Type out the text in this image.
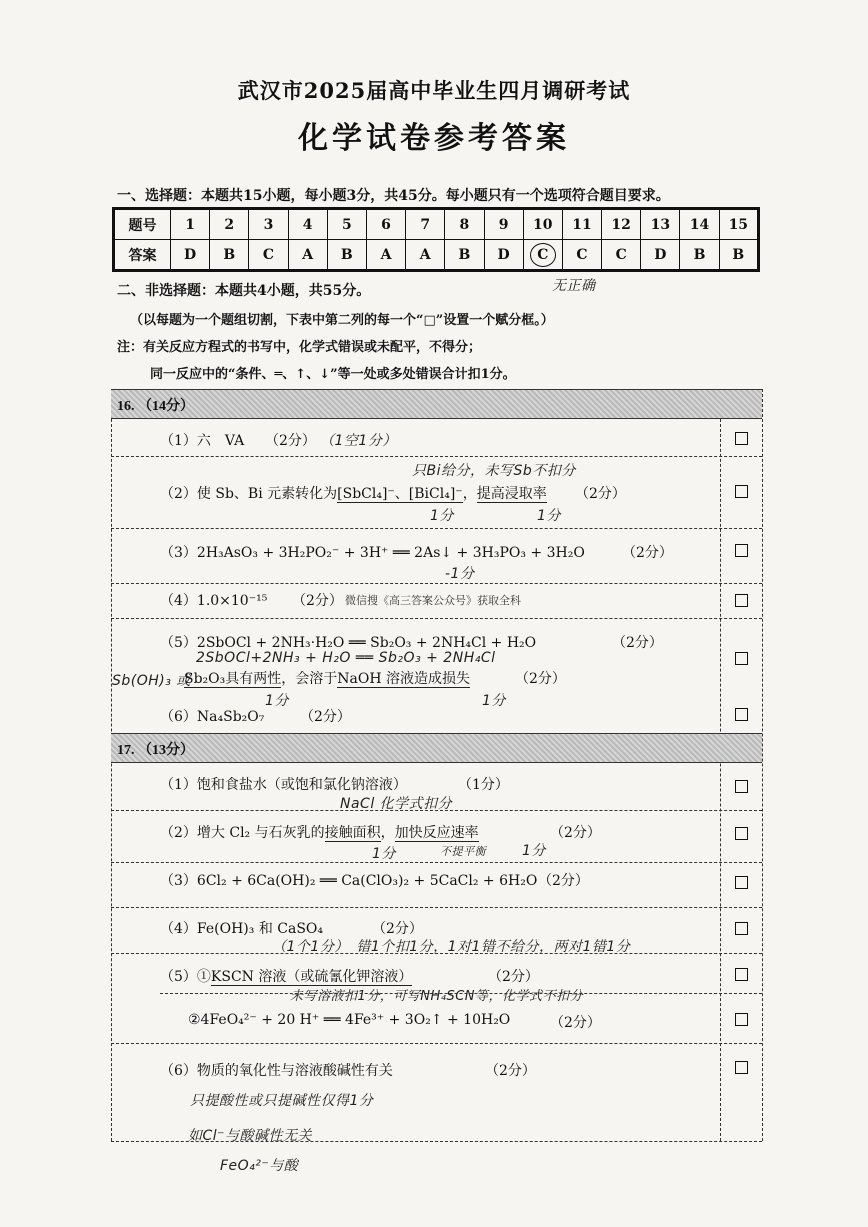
武汉市2025届高中毕业生四月调研考试
化学试卷参考答案
一、选择题：本题共15小题，每小题3分，共45分。每小题只有一个选项符合题目要求。
题号	1	2	3	4	5	6	7	8	9	10	11	12	13	14	15
答案	D	B	C	A	B	A	A	B	D	C	C	C	D	B	B
无正确
二、非选择题：本题共4小题，共55分。
（以每题为一个题组切割，下表中第二列的每一个“□”设置一个赋分框。）
注：有关反应方程式的书写中，化学式错误或未配平，不得分；
同一反应中的“条件、═、↑、↓”等一处或多处错误合计扣1分。
16. （14分）
（1）六　VA （2分） （1空1分）
只Bi给分，未写Sb不扣分
（2）使 Sb、Bi 元素转化为[SbCl₄]⁻、[BiCl₄]⁻，提高浸取率 （2分）
1分	1分
（3）2H₃AsO₃ + 3H₂PO₂⁻ + 3H⁺ ══ 2As↓ + 3H₃PO₃ + 3H₂O	（2分）
-1分
（4）1.0×10⁻¹⁵ （2分） 微信搜《高三答案公众号》获取全科
（5）2SbOCl + 2NH₃·H₂O ══ Sb₂O₃ + 2NH₄Cl + H₂O	（2分）
2SbOCl+2NH₃ + H₂O ══ Sb₂O₃ + 2NH₄Cl
Sb(OH)₃ 或
Sb₂O₃具有两性，会溶于NaOH 溶液造成损失	（2分）
1分	1分
（6）Na₄Sb₂O₇	（2分）
17. （13分）
（1）饱和食盐水（或饱和氯化钠溶液）	（1分）
NaCl 化学式扣分
（2）增大 Cl₂ 与石灰乳的接触面积，加快反应速率	（2分）
1分	不提平衡	1分
（3）6Cl₂ + 6Ca(OH)₂ ══ Ca(ClO₃)₂ + 5CaCl₂ + 6H₂O （2分）
（4）Fe(OH)₃ 和 CaSO₄	（2分）
（1个1分）　错1个扣1分，1对1错不给分，两对1错1分
（5）①KSCN 溶液（或硫氰化钾溶液）	（2分）
未写溶液扣1分，可写NH₄SCN等，化学式不扣分
②4FeO₄²⁻ + 20 H⁺ ══ 4Fe³⁺ + 3O₂↑ + 10H₂O	（2分）
（6）物质的氧化性与溶液酸碱性有关	（2分）
只提酸性或只提碱性仅得1分
如Cl⁻与酸碱性无关
FeO₄²⁻与酸
